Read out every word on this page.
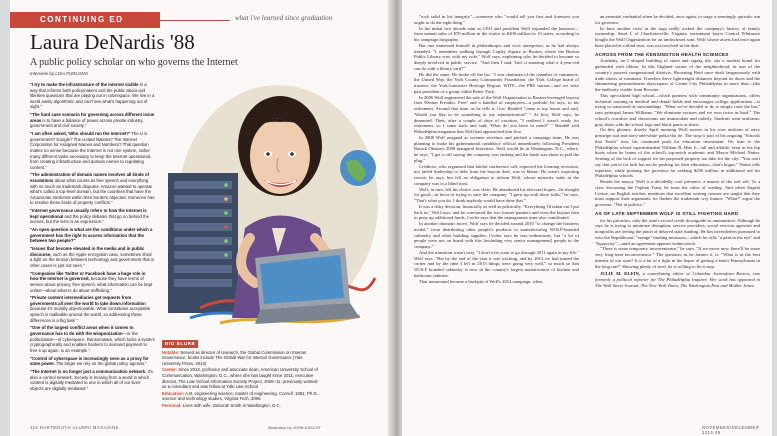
CONTINUING ED	what i've learned since graduation
Laura DeNardis '88
A public policy scholar on who governs the Internet
Interview by LISA FURLONG

"I try to make the infrastructure of the internet visible in a way that informs both policymakers and the public about civil liberties questions that are playing out in cyberspace. We live in a world easily algorithmic and can't see what's happening out of sight."

"The hard case scenario for governing across different issue areas is to have a balance of power across private industry, government and civil society."

"I am often asked, 'Who should run the Internet?' The U.S. government? Google? The United Nations? The Internet Corporation for Assigned Names and Numbers? That question makes no sense because the Internet is not one system, rather many different tasks necessary to keep the Internet operational, from creating infrastructure and domain names to regulating content."

"The administration of domain names involves all kinds of escalations about what counts as free speech and everything with so much as trademark disputes. Amazon wanted to operate what's called a top-level domain, but the countries that have the Amazonian rainforest within their borders objected. Someone has to resolve these kinds of property conflicts."

"Internet governance usually refers to how the Internet is kept operational and the policy debates that go on behind the scenes, but the term is an expression."

"An open question is what are the conditions under which a government has the right to access information that the between two people?"

"Issues that become elevated in the media and in public discourse, such as the Apple encryption case, sometimes shed a light on the tension between technology and government that in other cases is just not seen."

"Companies like Twitter or Facebook have a huge role in how the Internet is governed, because they have terms of service about privacy, free speech, what information can be kept online—about what to do about trafficking."

"Private content intermediaries get requests from governments all over the world to take down information because it's morally objectionable. What constitutes acceptable speech is malleable around the world, so addressing these differences is a big task."

"One of the largest conflict areas when it comes to governance has to do with the weaponization—or the politicization—of cyberspace. Ransomware, which locks a system cryptographically and enables hackers to demand payment to free it up again, is an example."

"Control of cyberspace is increasingly seen as a proxy for state power. The larger we rely on the global policy agenda."

"The Internet is no longer just a communication network. It's also a control network. Society is moving from a world in which content is digitally mediated to one in which all of our lives' objects are digitally mediated."

BIO BLURB

Notable: Served as director of research, the Global Commission on Internet Governance; books include The Global War for Internet Governance (Yale University Press, 2014)

Career: Since 2013, professor and associate dean, American University School of Communication, Washington, D.C., where she has taught since 2011; executive director, The Law School Information Society Project, 2008–11; previously worked as a consultant and was fellow at Yale Law School

Education: A.B. engineering science, master of engineering, Cornell, 1991; Ph.D., science and technology studies, Virginia Tech, 2006

Personal: Lives with wife, Deborah Smith in Washington, D.C.

116 DARTMOUTH ALUMNI MAGAZINE	Illustration by JOHN KASCHT

"rock solid in his integrity"—someone who "would tell you first and foremost you ought to do the right thing."

In his initial two decade stint as CEO and president Wolf expanded the business—from annual sales of $70 million in the sixties to $200 million in 13 states, according to his campaign biography.

But one immersed himself in philanthropic and civic enterprises, as he had always intended. "I remember walking through Copley Square in Boston, where the Boston Public Library was, with my wife," Wolf says, explaining why he decided to become so deeply involved in public service. "And then I said, 'Isn't it amazing what a 4-year-old can do with a library card?'"

He did the same. He broke off the list: "I was chairman of the chamber of commerce, the United Way, the York County Community Foundation, the York College board of trustees, the York-Lancaster Heritage Region, WITF—the PBS station—and we were past president of a group called Better York.

In 2006 Wolf engineered the sale of the Wolf Organization to Boston-leveraged buyout firm Weston Presidio. Free! and a handful of employees—a prelude, he says, to his retirement. Around that time, as he tells it, Gov. Rendell "came to my house and said, 'Would you like to do something in my administration?' " At first, Wolf says, he demurred. Then, after a couple of days of vacation, "I realized I wasn't ready for retirement, so I came back and said, 'What do you have in mind?' " Rendell told Philadelphia magazine that Wolf had approached him first.

In 2008 Wolf resigned as revenue secretary and pitched a campaign team. He was planning to make his gubernatorial candidacy official immediately following President Barack Obama's 2008 inaugural festivities. Wolf would be in Washington, D.C., where, he says, "I got a call saying the company was tanking and the bank was about to pull the plug."

Creditors, who organized that fateful conference call, expected the looming recession, not failed leadership or debt from the buyout deal, was to blame. He wasn't expecting rescue, he says, but felt an obligation to inform Wolf, whose minority stake in the company was in a blind trust.

Wolf, in turn, felt his choice was clear: He abandoned his electoral hopes—he thought for good—in favor of trying to save the company. "I grew up with those folks," he says. "That's what you do. I think anybody would have done that."

It was a risky decision, financially as well as politically. "Everything I'd taken out I put back in," Wolf says, and he convinced the two former partners and even the buyout firm to pony up additional funds. Cooler says that the management team also contributed.

In another dramatic move, Wolf says he decided around 2010 "to change the business model," from distributing other people's products to manufacturing WOLF-branded cabinetry and other building supplies. Cooler says he was enthusiastic, but "a lot of people were not on board with this [including very senior management] people in the company."

And the transition wasn't easy. "I don't ever want to go through 2011 again in my life," Wolf says. "But by the end of the year it was working, and by 2012 we had turned the corner and by the time I left in 2013 things were going very well," so much so that WOLF branded cabinetry is now in the country's largest manufacturer of kitchen and bathroom cabinets.

That turnaround became a linchpin of Wolf's 2014 campaign, when

an essential credential when he decided, once again, to stage a seemingly quixotic run for governor.

In June another twist in the saga really rocked the company's history of family ownership: Sand J. of Charlottesville, Virginia, investment buyer Central Whitmore bought the Wolf Organization for an undisclosed sum. Wolf whose assets had once again been placed in a blind trust, was not involved in the deal.

ACROSS FROM THE KENSINGTON HEALTH SCIENCES

Academy, an L-shaped building of stone and zigzag tile, sits a modest brand for garlanded with ribbon. In this blighted corner of the neighborhood, in one of the country's poorest congressional districts, Browning Reid once dealt languorously with trade shows of comment. Travelers drive lightweight distances beyond its doors and the shimmering postmodernist skyscrapers of Center City Philadelphia in more than—like the endlessly visible from Browne.

This specialized high school—which partners with community organizations, offers technical training in medical and dental fields and encourages college applications—is trying to transcend its surroundings. "What we've decided to do is simply raise the bar," says principal James Williams. "We eliminate excuses and we own twice as hard." The school's corridors and classrooms are immaculate and orderly. Students wear uniforms: gray shirts with the school logo and black pants or skirts.

On this gloomy, drizzly April morning Wolf arrives in his own uniform of navy pinstripe suit and navy-and-white polka-dot tie. The stop is part of his ongoing "Schools that Teach" tour, his continued push for education investment. On loan to the Philadelphia school superintendent William R. Hite Jr., tall and affable, even in his hip boots when he learns of the school's top-notch academic and Mayor Michael Nutter. Sensing of the lack of support for his proposed property tax hike for the city. "You can't say that you're for kids but not be pushing for their education—that's bogus." Nutter tells reporters, while praising the governor for seeking $256 million in additional aid for Philadelphia schools.

Beside the mayor, Wolf is a decidedly cool presence, a master of the soft sell. To a class discussing the Orphan Train, he touts the value of reading. And when Angela Levine, an English teacher, mentions that excellent writing courses are taught that they must support their arguments, he flashes the trademark wry humor: "What?" argue the governor. "Not in politics."

AS OF LATE SEPTEMBER WOLF IS STILL FIGHTING HARD

for his priorities, only the state's record credit downgrade as ammunition. Although he says he is trying to minimize disruption, service providers, social services agencies and nonprofits are feeling the pinch of delayed state funding. He has nevertheless promised to veto the Republicans' "orange" funding measures—which he calls "a pain in the eye" and "hypocrisy"—until an agreement appears within reach.

"There is some temporary inconvenience," he says. "If we move now, there'll be some very long-term inconvenience." The question, as he frames it, is: "What is in the best interest of our state? Is it a bit of a fight in the hopes of getting a better Pennsylvania in the long run?" Showing plenty of steel, he is willing to let it stop.

JULIE M. KLEIN, a contributing editor at Columbia Journalism Review, was formerly a political reporter for The Philadelphia Inquirer. Her work has appeared in The Wall Street Journal, The New York Times, The Washington Post and Mother Jones.

NOVEMBER/DECEMBER 2015 49
